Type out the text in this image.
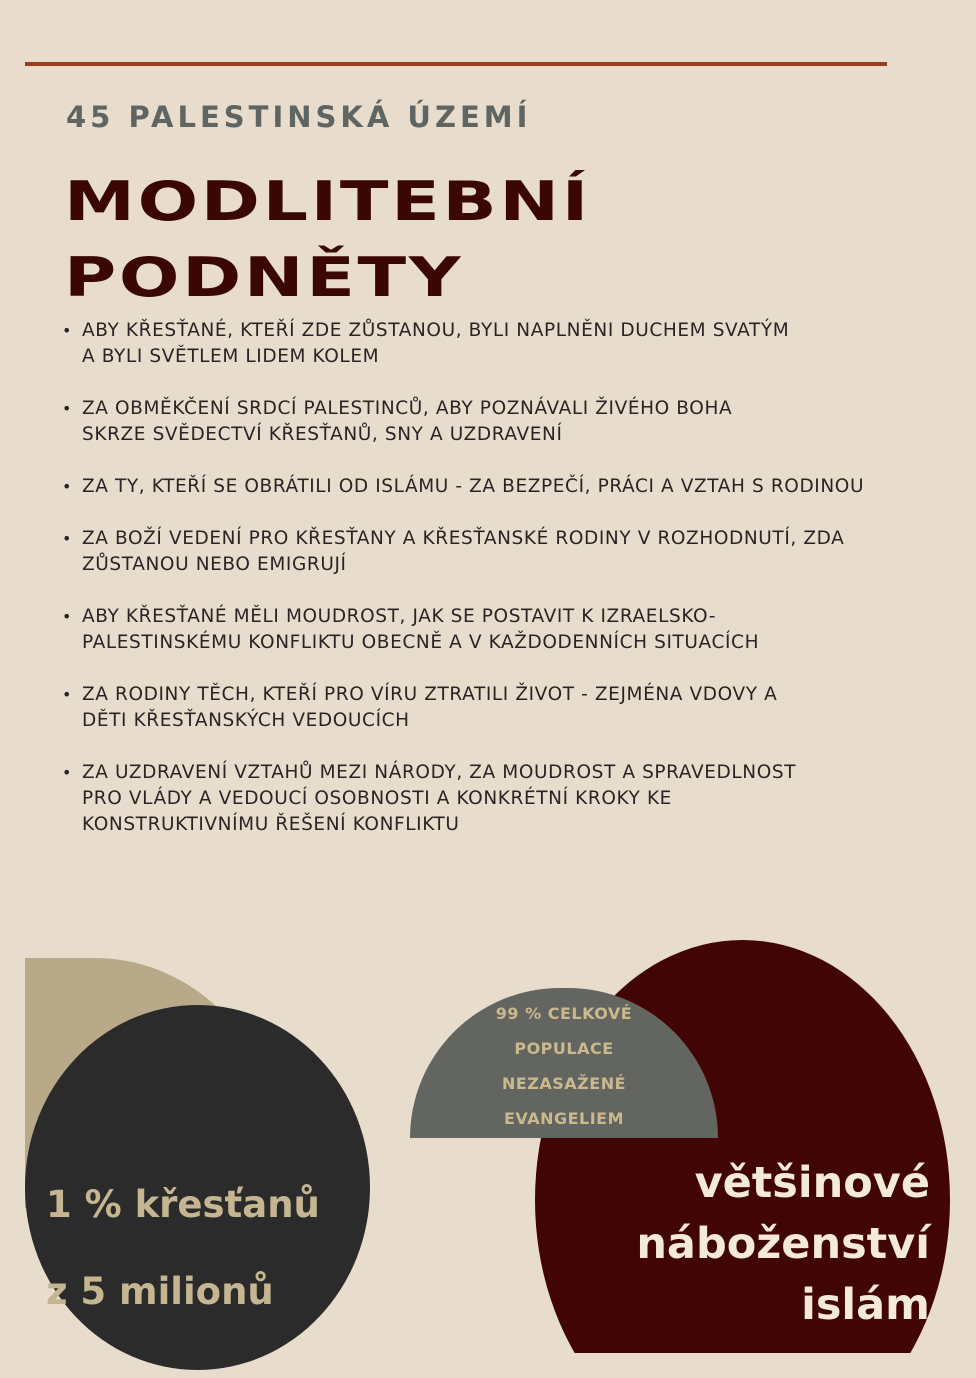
45 PALESTINSKÁ ÚZEMÍ

MODLITEBNÍ
PODNĚTY
• ABY KŘESŤANÉ, KTEŘÍ ZDE ZŮSTANOU, BYLI NAPLNĚNI DUCHEM SVATÝM A BYLI SVĚTLEM LIDEM KOLEM
• ZA OBMĚKČENÍ SRDCÍ PALESTINCŮ, ABY POZNÁVALI ŽIVÉHO BOHA SKRZE SVĚDECTVÍ KŘESŤANŮ, SNY A UZDRAVENÍ
• ZA TY, KTEŘÍ SE OBRÁTILI OD ISLÁMU - ZA BEZPEČÍ, PRÁCI A VZTAH S RODINOU
• ZA BOŽÍ VEDENÍ PRO KŘESŤANY A KŘESŤANSKÉ RODINY V ROZHODNUTÍ, ZDA ZŮSTANOU NEBO EMIGRUJÍ
• ABY KŘESŤANÉ MĚLI MOUDROST, JAK SE POSTAVIT K IZRAELSKO-PALESTINSKÉMU KONFLIKTU OBECNĚ A V KAŽDODENNÍCH SITUACÍCH
• ZA RODINY TĚCH, KTEŘÍ PRO VÍRU ZTRATILI ŽIVOT - ZEJMÉNA VDOVY A DĚTI KŘESŤANSKÝCH VEDOUCÍCH
• ZA UZDRAVENÍ VZTAHŮ MEZI NÁRODY, ZA MOUDROST A SPRAVEDLNOST PRO VLÁDY A VEDOUCÍ OSOBNOSTI A KONKRÉTNÍ KROKY KE KONSTRUKTIVNÍMU ŘEŠENÍ KONFLIKTU

99 % CELKOVÉ
POPULACE
NEZASAŽENÉ
EVANGELIEM

1 % křesťanů
z 5 milionů

většinové
náboženství
islám
